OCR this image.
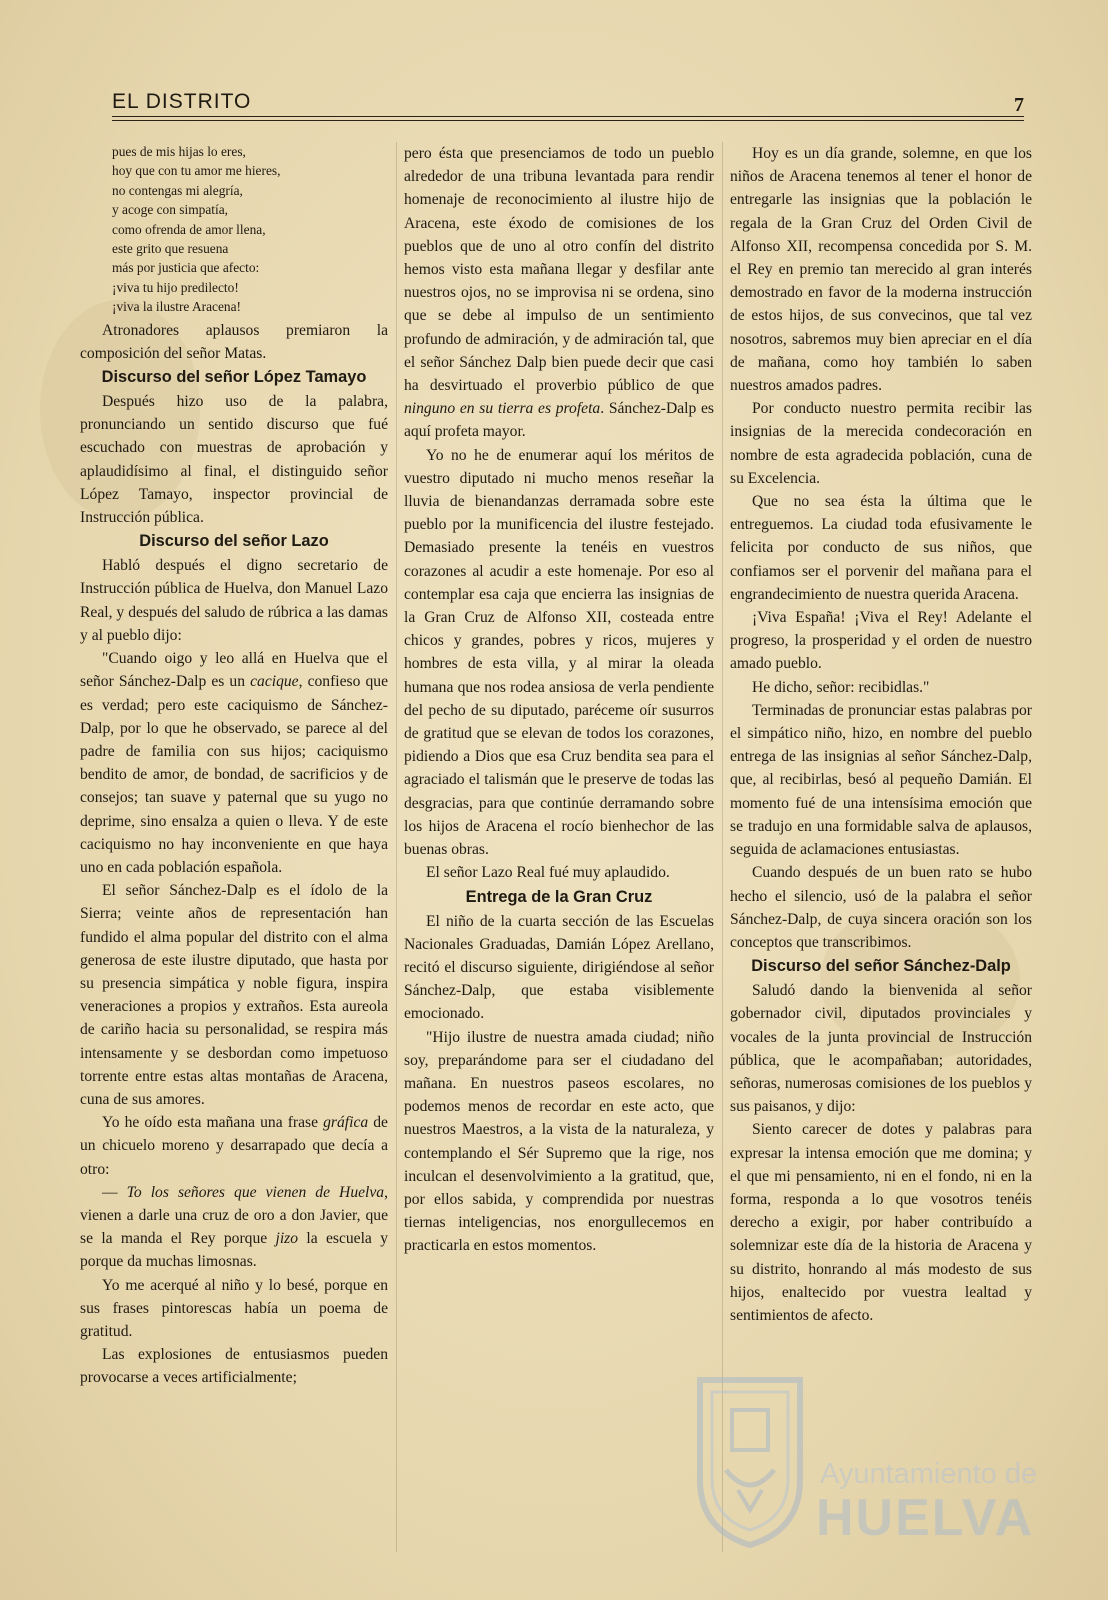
EL DISTRITO	7
pues de mis hijas lo eres,
hoy que con tu amor me hieres,
no contengas mi alegría,
y acoge con simpatía,
como ofrenda de amor llena,
este grito que resuena
más por justicia que afecto:
¡viva tu hijo predilecto!
¡viva la ilustre Aracena!

Atronadores aplausos premiaron la composición del señor Matas.

Discurso del señor López Tamayo

Después hizo uso de la palabra, pronunciando un sentido discurso que fué escuchado con muestras de aprobación y aplaudidísimo al final, el distinguido señor López Tamayo, inspector provincial de Instrucción pública.

Discurso del señor Lazo

Habló después el digno secretario de Instrucción pública de Huelva, don Manuel Lazo Real, y después del saludo de rúbrica a las damas y al pueblo dijo:

"Cuando oigo y leo allá en Huelva que el señor Sánchez-Dalp es un cacique, confieso que es verdad; pero este caciquismo de Sánchez-Dalp, por lo que he observado, se parece al del padre de familia con sus hijos; caciquismo bendito de amor, de bondad, de sacrificios y de consejos; tan suave y paternal que su yugo no deprime, sino ensalza a quien o lleva. Y de este caciquismo no hay inconveniente en que haya uno en cada población española.

El señor Sánchez-Dalp es el ídolo de la Sierra; veinte años de representación han fundido el alma popular del distrito con el alma generosa de este ilustre diputado, que hasta por su presencia simpática y noble figura, inspira veneraciones a propios y extraños. Esta aureola de cariño hacia su personalidad, se respira más intensamente y se desbordan como impetuoso torrente entre estas altas montañas de Aracena, cuna de sus amores.

Yo he oído esta mañana una frase gráfica de un chicuelo moreno y desarrapado que decía a otro:

— To los señores que vienen de Huelva, vienen a darle una cruz de oro a don Javier, que se la manda el Rey porque jizo la escuela y porque da muchas limosnas.

Yo me acerqué al niño y lo besé, porque en sus frases pintorescas había un poema de gratitud.

Las explosiones de entusiasmos pueden provocarse a veces artificialmente;

pero ésta que presenciamos de todo un pueblo alrededor de una tribuna levantada para rendir homenaje de reconocimiento al ilustre hijo de Aracena, este éxodo de comisiones de los pueblos que de uno al otro confín del distrito hemos visto esta mañana llegar y desfilar ante nuestros ojos, no se improvisa ni se ordena, sino que se debe al impulso de un sentimiento profundo de admiración, y de admiración tal, que el señor Sánchez Dalp bien puede decir que casi ha desvirtuado el proverbio público de que ninguno en su tierra es profeta. Sánchez-Dalp es aquí profeta mayor.

Yo no he de enumerar aquí los méritos de vuestro diputado ni mucho menos reseñar la lluvia de bienandanzas derramada sobre este pueblo por la munificencia del ilustre festejado. Demasiado presente la tenéis en vuestros corazones al acudir a este homenaje. Por eso al contemplar esa caja que encierra las insignias de la Gran Cruz de Alfonso XII, costeada entre chicos y grandes, pobres y ricos, mujeres y hombres de esta villa, y al mirar la oleada humana que nos rodea ansiosa de verla pendiente del pecho de su diputado, paréceme oír susurros de gratitud que se elevan de todos los corazones, pidiendo a Dios que esa Cruz bendita sea para el agraciado el talismán que le preserve de todas las desgracias, para que continúe derramando sobre los hijos de Aracena el rocío bienhechor de las buenas obras.

El señor Lazo Real fué muy aplaudido.

Entrega de la Gran Cruz

El niño de la cuarta sección de las Escuelas Nacionales Graduadas, Damián López Arellano, recitó el discurso siguiente, dirigiéndose al señor Sánchez-Dalp, que estaba visiblemente emocionado.

"Hijo ilustre de nuestra amada ciudad; niño soy, preparándome para ser el ciudadano del mañana. En nuestros paseos escolares, no podemos menos de recordar en este acto, que nuestros Maestros, a la vista de la naturaleza, y contemplando el Sér Supremo que la rige, nos inculcan el desenvolvimiento a la gratitud, que, por ellos sabida, y comprendida por nuestras tiernas inteligencias, nos enorgullecemos en practicarla en estos momentos.

Hoy es un día grande, solemne, en que los niños de Aracena tenemos al tener el honor de entregarle las insignias que la población le regala de la Gran Cruz del Orden Civil de Alfonso XII, recompensa concedida por S. M. el Rey en premio tan merecido al gran interés demostrado en favor de la moderna instrucción de estos hijos, de sus convecinos, que tal vez nosotros, sabremos muy bien apreciar en el día de mañana, como hoy también lo saben nuestros amados padres.

Por conducto nuestro permita recibir las insignias de la merecida condecoración en nombre de esta agradecida población, cuna de su Excelencia.

Que no sea ésta la última que le entreguemos. La ciudad toda efusivamente le felicita por conducto de sus niños, que confiamos ser el porvenir del mañana para el engrandecimiento de nuestra querida Aracena.

¡Viva España! ¡Viva el Rey! Adelante el progreso, la prosperidad y el orden de nuestro amado pueblo.

He dicho, señor: recibidlas."

Terminadas de pronunciar estas palabras por el simpático niño, hizo, en nombre del pueblo entrega de las insignias al señor Sánchez-Dalp, que, al recibirlas, besó al pequeño Damián. El momento fué de una intensísima emoción que se tradujo en una formidable salva de aplausos, seguida de aclamaciones entusiastas.

Cuando después de un buen rato se hubo hecho el silencio, usó de la palabra el señor Sánchez-Dalp, de cuya sincera oración son los conceptos que transcribimos.

Discurso del señor Sánchez-Dalp

Saludó dando la bienvenida al señor gobernador civil, diputados provinciales y vocales de la junta provincial de Instrucción pública, que le acompañaban; autoridades, señoras, numerosas comisiones de los pueblos y sus paisanos, y dijo:

Siento carecer de dotes y palabras para expresar la intensa emoción que me domina; y el que mi pensamiento, ni en el fondo, ni en la forma, responda a lo que vosotros tenéis derecho a exigir, por haber contribuído a solemnizar este día de la historia de Aracena y su distrito, honrando al más modesto de sus hijos, enaltecido por vuestra lealtad y sentimientos de afecto.

Ayuntamiento de
HUELVA
